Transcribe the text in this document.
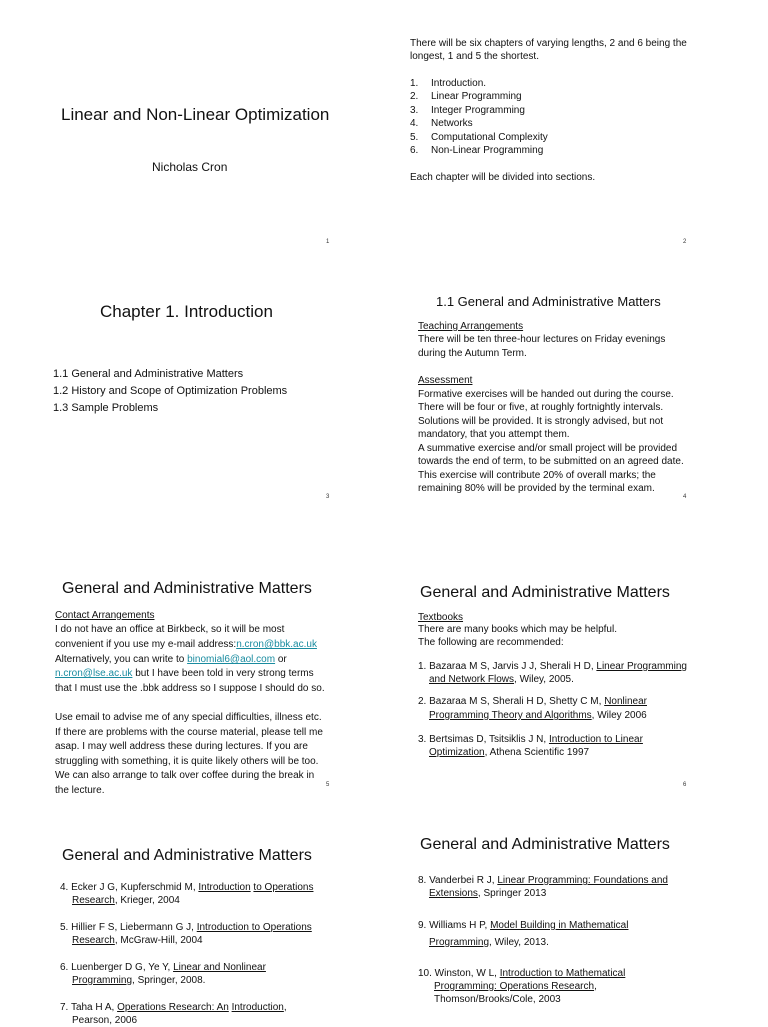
Linear and Non-Linear Optimization
Nicholas Cron
1
There will be six chapters of varying lengths, 2 and 6 being the
longest, 1 and 5 the shortest.
1. Introduction.
2. Linear Programming
3. Integer Programming
4. Networks
5. Computational Complexity
6. Non-Linear Programming
Each chapter will be divided into sections.
2
Chapter 1. Introduction
1.1 General and Administrative Matters
1.2 History and Scope of Optimization Problems
1.3 Sample Problems
3
1.1 General and Administrative Matters
Teaching Arrangements
There will be ten three-hour lectures on Friday evenings
during the Autumn Term.
Assessment
Formative exercises will be handed out during the course.
There will be four or five, at roughly fortnightly intervals.
Solutions will be provided. It is strongly advised, but not
mandatory, that you attempt them.
A summative exercise and/or small project will be provided
towards the end of term, to be submitted on an agreed date.
This exercise will contribute 20% of overall marks; the
remaining 80% will be provided by the terminal exam.
4
General and Administrative Matters
Contact Arrangements
I do not have an office at Birkbeck, so it will be most
convenient if you use my e-mail address:n.cron@bbk.ac.uk
Alternatively, you can write to binomial6@aol.com or
n.cron@lse.ac.uk but I have been told in very strong terms
that I must use the .bbk address so I suppose I should do so.
Use email to advise me of any special difficulties, illness etc.
If there are problems with the course material, please tell me
asap. I may well address these during lectures. If you are
struggling with something, it is quite likely others will be too.
We can also arrange to talk over coffee during the break in
the lecture.	5
General and Administrative Matters
Textbooks
There are many books which may be helpful.
The following are recommended:
1. Bazaraa M S, Jarvis J J, Sherali H D, Linear Programming
and Network Flows, Wiley, 2005.
2. Bazaraa M S, Sherali H D, Shetty C M, Nonlinear
Programming Theory and Algorithms, Wiley 2006
3. Bertsimas D, Tsitsiklis J N, Introduction to Linear
Optimization, Athena Scientific 1997
6
General and Administrative Matters
4. Ecker J G, Kupferschmid M, Introduction to Operations
Research, Krieger, 2004
5. Hillier F S, Liebermann G J, Introduction to Operations
Research, McGraw-Hill, 2004
6. Luenberger D G, Ye Y, Linear and Nonlinear
Programming, Springer, 2008.
7. Taha H A, Operations Research: An Introduction,
Pearson, 2006
General and Administrative Matters
8. Vanderbei R J, Linear Programming: Foundations and
Extensions, Springer 2013
9. Williams H P, Model Building in Mathematical
Programming, Wiley, 2013.
10. Winston, W L, Introduction to Mathematical
Programming: Operations Research,
Thomson/Brooks/Cole, 2003
